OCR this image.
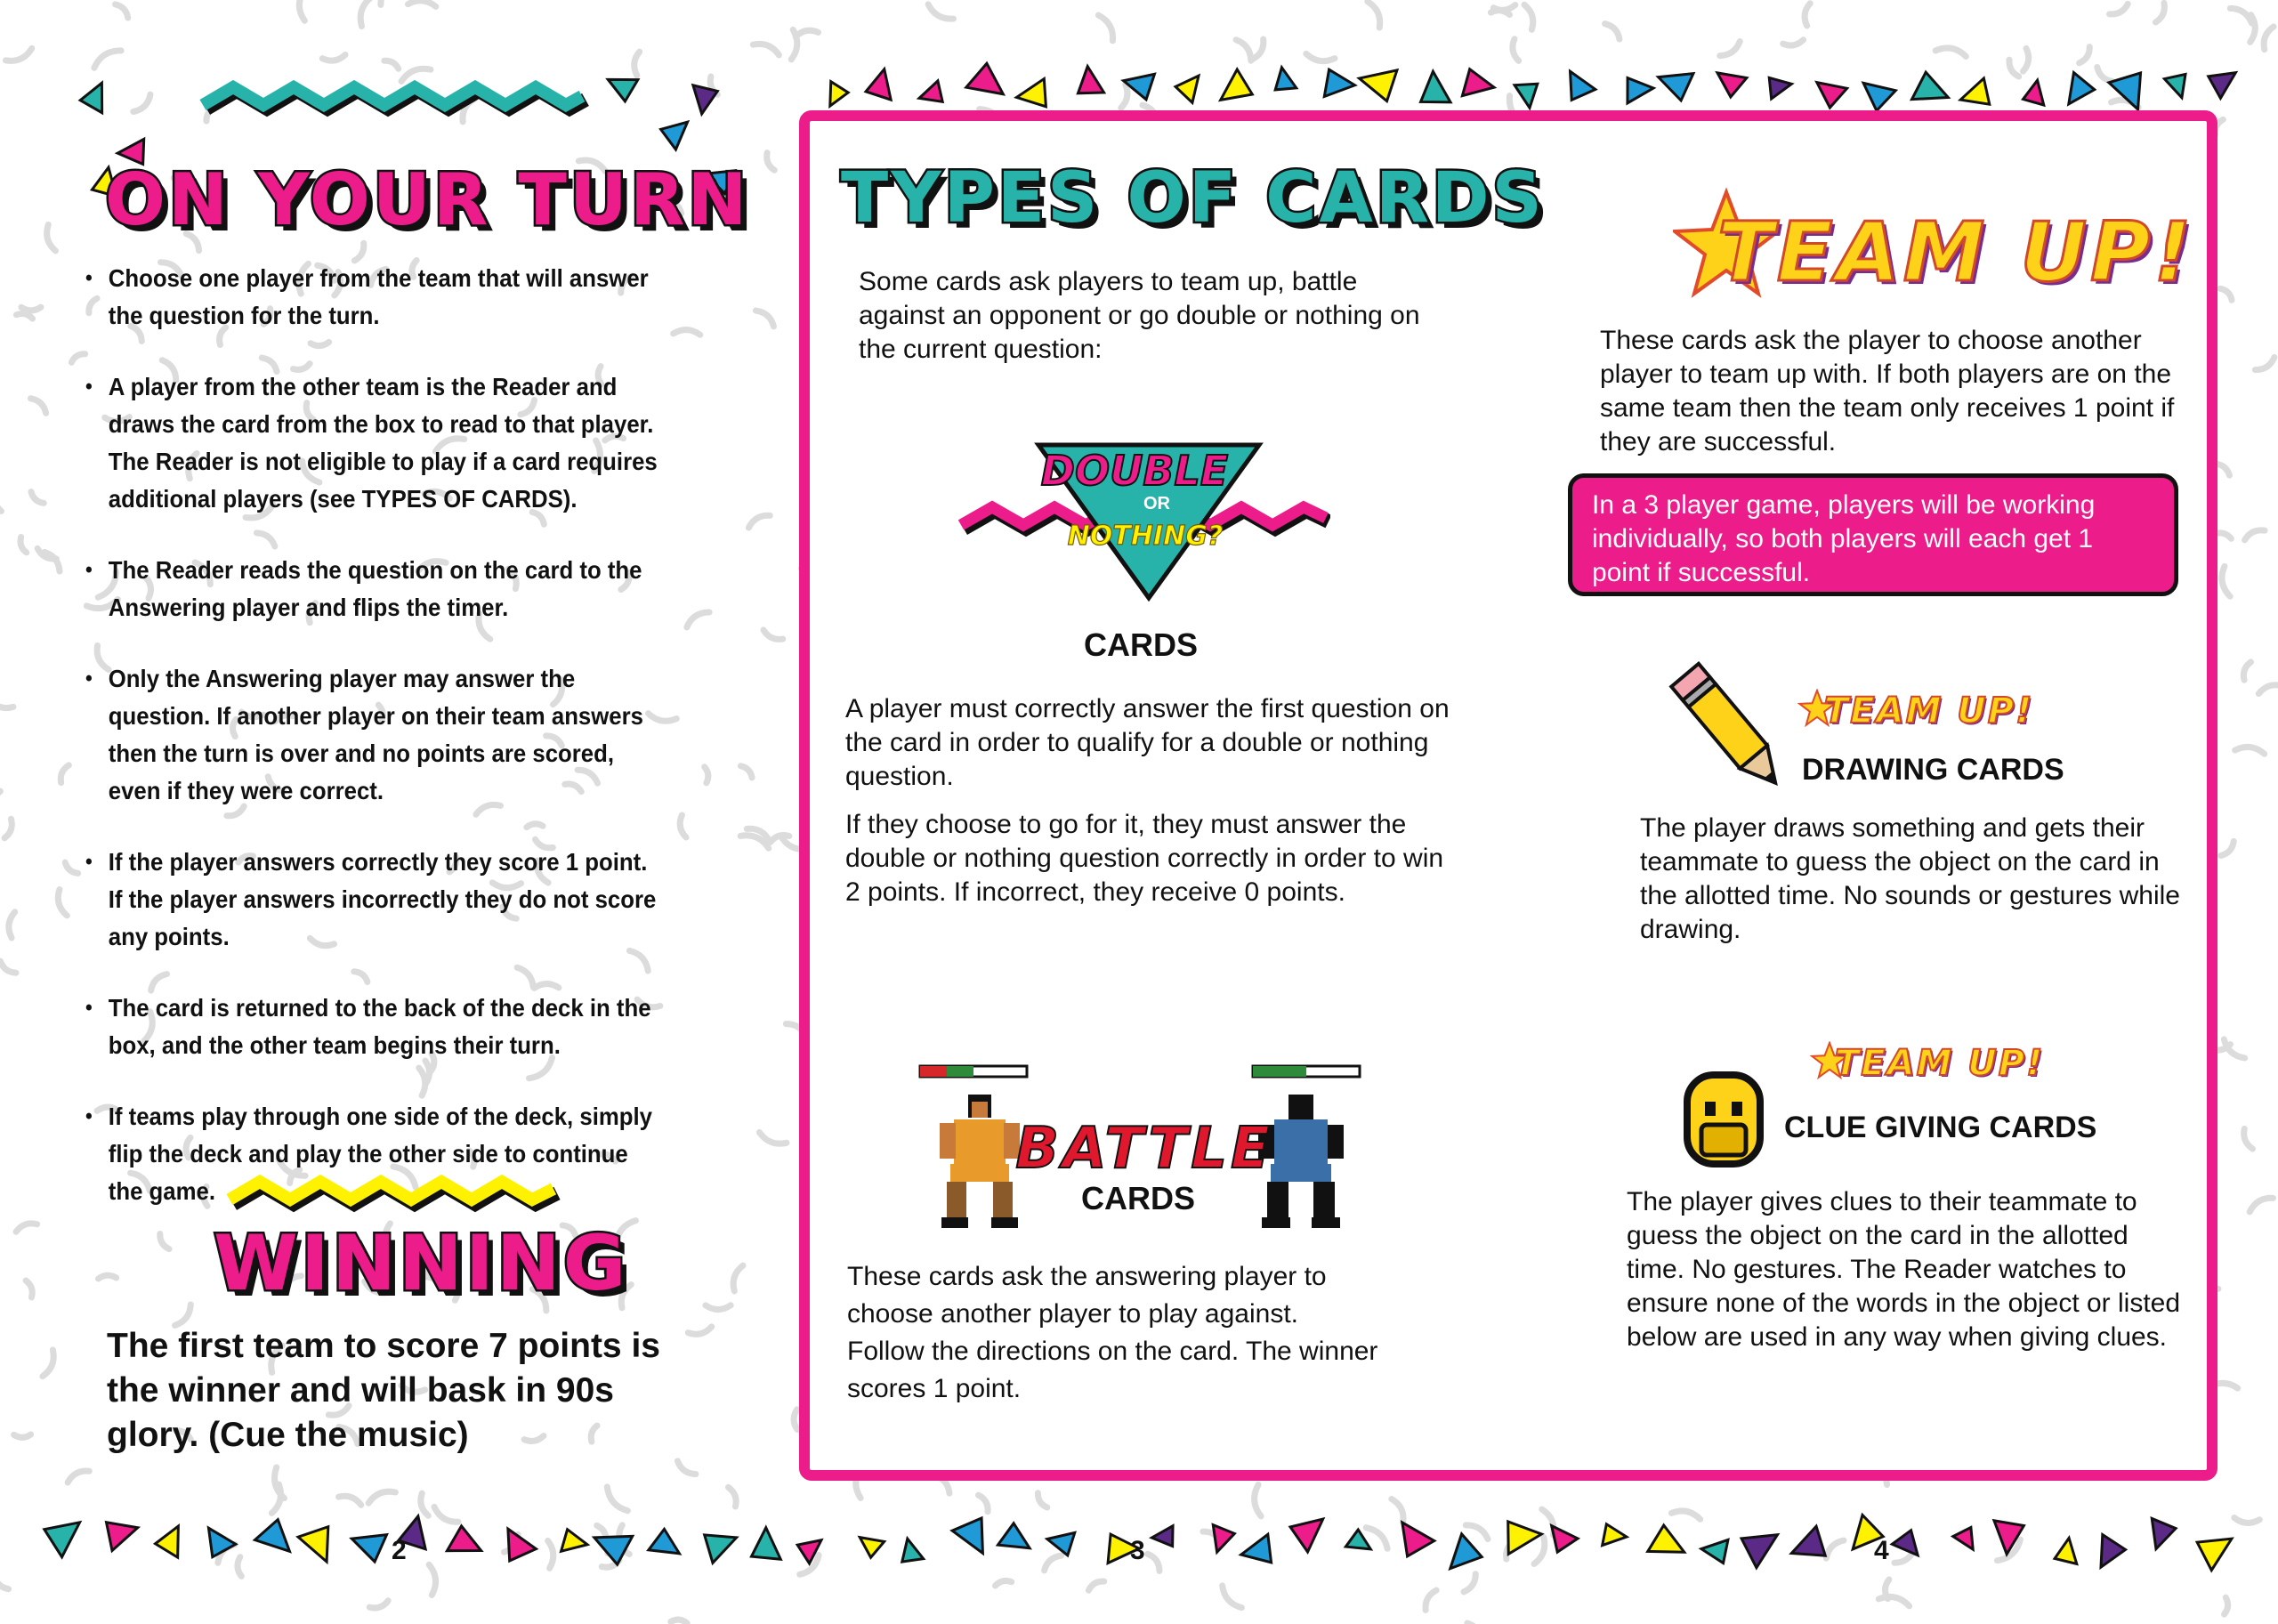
ON YOUR TURN
• Choose one player from the team that will answer the question for the turn.
• A player from the other team is the Reader and draws the card from the box to read to that player. The Reader is not eligible to play if a card requires additional players (see TYPES OF CARDS).
• The Reader reads the question on the card to the Answering player and flips the timer.
• Only the Answering player may answer the question. If another player on their team answers then the turn is over and no points are scored, even if they were correct.
• If the player answers correctly they score 1 point. If the player answers incorrectly they do not score any points.
• The card is returned to the back of the deck in the box, and the other team begins their turn.
• If teams play through one side of the deck, simply flip the deck and play the other side to continue the game.
WINNING
The first team to score 7 points is the winner and will bask in 90s glory. (Cue the music)
TYPES OF CARDS
Some cards ask players to team up, battle against an opponent or go double or nothing on the current question:
DOUBLE
OR
NOTHING?
CARDS
A player must correctly answer the first question on the card in order to qualify for a double or nothing question.
If they choose to go for it, they must answer the double or nothing question correctly in order to win 2 points. If incorrect, they receive 0 points.
BATTLE
CARDS
These cards ask the answering player to choose another player to play against. Follow the directions on the card. The winner scores 1 point.
TEAM UP!
These cards ask the player to choose another player to team up with. If both players are on the same team then the team only receives 1 point if they are successful.
In a 3 player game, players will be working individually, so both players will each get 1 point if successful.
TEAM UP!
DRAWING CARDS
The player draws something and gets their teammate to guess the object on the card in the allotted time. No sounds or gestures while drawing.
TEAM UP!
CLUE GIVING CARDS
The player gives clues to their teammate to guess the object on the card in the allotted time. No gestures. The Reader watches to ensure none of the words in the object or listed below are used in any way when giving clues.
2	3	4
